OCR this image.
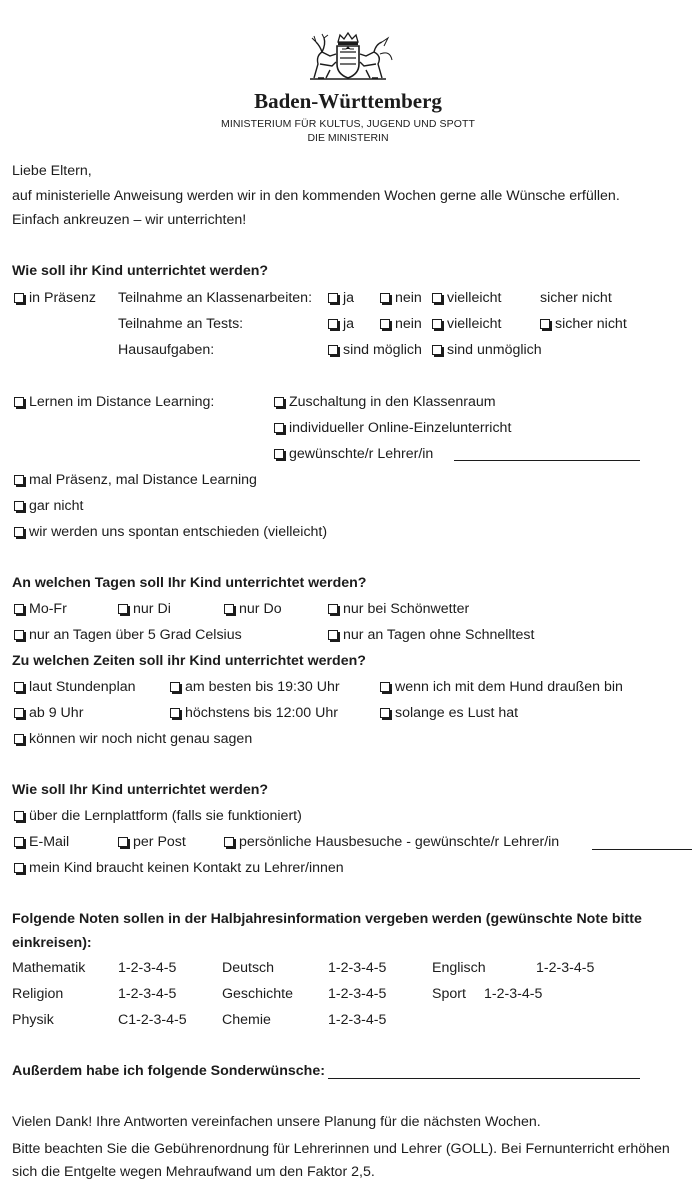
Baden-Württemberg
MINISTERIUM FÜR KULTUS, JUGEND UND SPOTT
DIE MINISTERIN
Liebe Eltern,
auf ministerielle Anweisung werden wir in den kommenden Wochen gerne alle Wünsche erfüllen.
Einfach ankreuzen – wir unterrichten!
Wie soll ihr Kind unterrichtet werden?
in Präsenz Teilnahme an Klassenarbeiten:	ja	nein	vielleicht	sicher nicht
Teilnahme an Tests:	ja	nein	vielleicht	sicher nicht
Hausaufgaben:	sind möglich	sind unmöglich
Lernen im Distance Learning:	Zuschaltung in den Klassenraum
individueller Online-Einzelunterricht
gewünschte/r Lehrer/in
mal Präsenz, mal Distance Learning
gar nicht
wir werden uns spontan entschieden (vielleicht)
An welchen Tagen soll Ihr Kind unterrichtet werden?
Mo-Fr	nur Di	nur Do	nur bei Schönwetter
nur an Tagen über 5 Grad Celsius	nur an Tagen ohne Schnelltest
Zu welchen Zeiten soll ihr Kind unterrichtet werden?
laut Stundenplan	am besten bis 19:30 Uhr	wenn ich mit dem Hund draußen bin
ab 9 Uhr	höchstens bis 12:00 Uhr	solange es Lust hat
können wir noch nicht genau sagen
Wie soll Ihr Kind unterrichtet werden?
über die Lernplattform (falls sie funktioniert)
E-Mail	per Post	persönliche Hausbesuche - gewünschte/r Lehrer/in
mein Kind braucht keinen Kontakt zu Lehrer/innen
Folgende Noten sollen in der Halbjahresinformation vergeben werden (gewünschte Note bitte
einkreisen):
Mathematik 1-2-3-4-5	Deutsch	1-2-3-4-5	Englisch	1-2-3-4-5
Religion	1-2-3-4-5	Geschichte 1-2-3-4-5	Sport 1-2-3-4-5
Physik	C1-2-3-4-5 Chemie	1-2-3-4-5
Außerdem habe ich folgende Sonderwünsche:
Vielen Dank! Ihre Antworten vereinfachen unsere Planung für die nächsten Wochen.
Bitte beachten Sie die Gebührenordnung für Lehrerinnen und Lehrer (GOLL). Bei Fernunterricht erhöhen
sich die Entgelte wegen Mehraufwand um den Faktor 2,5.
